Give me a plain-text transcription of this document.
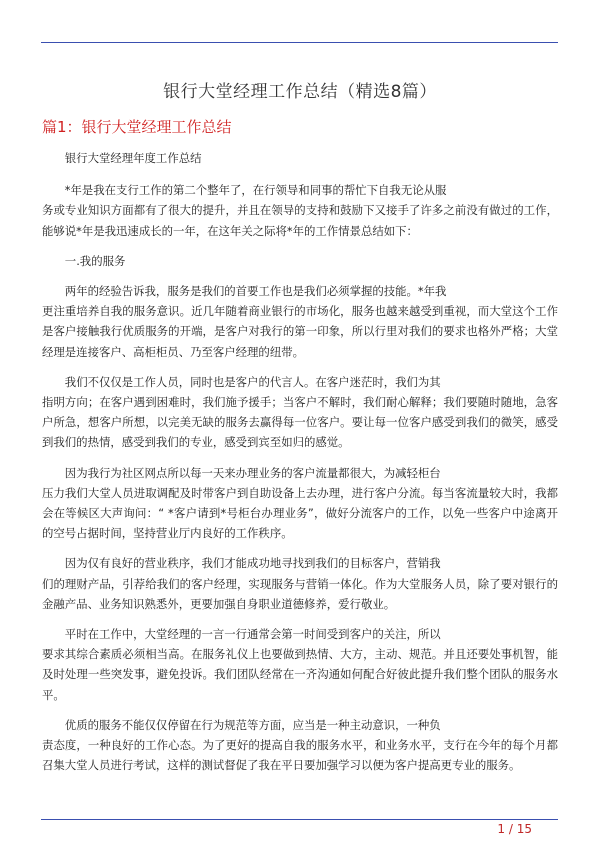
银行大堂经理工作总结（精选8篇）
篇1：银行大堂经理工作总结

银行大堂经理年度工作总结

*年是我在支行工作的第二个整年了，在行领导和同事的帮忙下自我无论从服
务或专业知识方面都有了很大的提升，并且在领导的支持和鼓励下又接手了许多之前没有做过的工作，能够说*年是我迅速成长的一年，在这年关之际将*年的工作情景总结如下：

一.我的服务

两年的经验告诉我，服务是我们的首要工作也是我们必须掌握的技能。*年我
更注重培养自我的服务意识。近几年随着商业银行的市场化，服务也越来越受到重视，而大堂这个工作是客户接触我行优质服务的开端，是客户对我行的第一印象，所以行里对我们的要求也格外严格；大堂经理是连接客户、高柜柜员、乃至客户经理的纽带。

我们不仅仅是工作人员，同时也是客户的代言人。在客户迷茫时，我们为其
指明方向；在客户遇到困难时，我们施予援手；当客户不解时，我们耐心解释；我们要随时随地，急客户所急，想客户所想，以完美无缺的服务去赢得每一位客户。要让每一位客户感受到我们的微笑，感受到我们的热情，感受到我们的专业，感受到宾至如归的感觉。

因为我行为社区网点所以每一天来办理业务的客户流量都很大，为减轻柜台
压力我们大堂人员进取调配及时带客户到自助设备上去办理，进行客户分流。每当客流量较大时，我都会在等候区大声询问：“ *客户请到*号柜台办理业务”，做好分流客户的工作，以免一些客户中途离开的空号占据时间，坚持营业厅内良好的工作秩序。

因为仅有良好的营业秩序，我们才能成功地寻找到我们的目标客户，营销我
们的理财产品，引荐给我们的客户经理，实现服务与营销一体化。作为大堂服务人员，除了要对银行的金融产品、业务知识熟悉外，更要加强自身职业道德修养，爱行敬业。

平时在工作中，大堂经理的一言一行通常会第一时间受到客户的关注，所以
要求其综合素质必须相当高。在服务礼仪上也要做到热情、大方，主动、规范。并且还要处事机智，能及时处理一些突发事，避免投诉。我们团队经常在一齐沟通如何配合好彼此提升我们整个团队的服务水平。

优质的服务不能仅仅停留在行为规范等方面，应当是一种主动意识，一种负
责态度，一种良好的工作心态。为了更好的提高自我的服务水平，和业务水平，支行在今年的每个月都召集大堂人员进行考试，这样的测试督促了我在平日要加强学习以便为客户提高更专业的服务。

1 / 15
